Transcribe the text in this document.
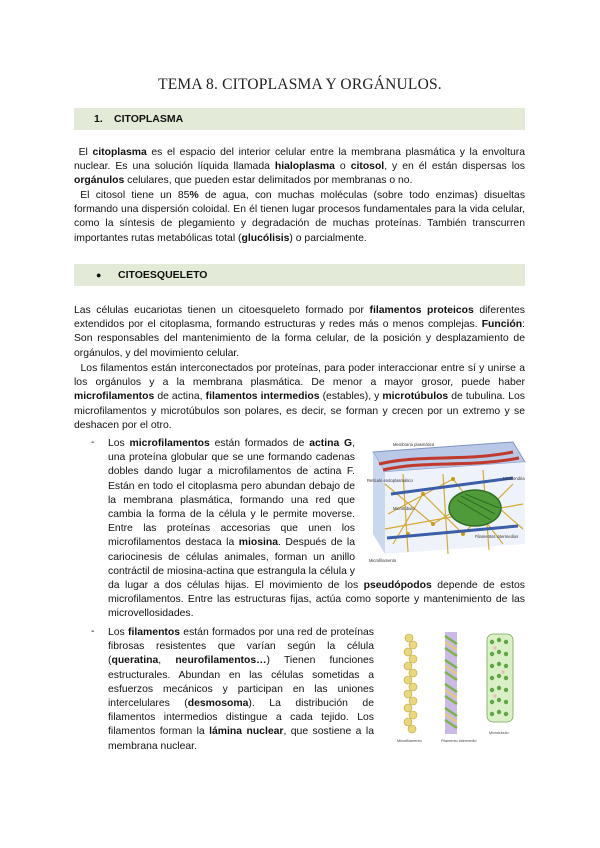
TEMA 8. CITOPLASMA Y ORGÁNULOS.
1. CITOPLASMA
El citoplasma es el espacio del interior celular entre la membrana plasmática y la envoltura nuclear. Es una solución líquida llamada hialoplasma o citosol, y en él están dispersas los orgánulos celulares, que pueden estar delimitados por membranas o no.
El citosol tiene un 85% de agua, con muchas moléculas (sobre todo enzimas) disueltas formando una dispersión coloidal. En él tienen lugar procesos fundamentales para la vida celular, como la síntesis de plegamiento y degradación de muchas proteínas. También transcurren importantes rutas metabólicas total (glucólisis) o parcialmente.
● CITOESQUELETO
Las células eucariotas tienen un citoesqueleto formado por filamentos proteicos diferentes extendidos por el citoplasma, formando estructuras y redes más o menos complejas. Función: Son responsables del mantenimiento de la forma celular, de la posición y desplazamiento de orgánulos, y del movimiento celular.
Los filamentos están interconectados por proteínas, para poder interaccionar entre sí y unirse a los orgánulos y a la membrana plasmática. De menor a mayor grosor, puede haber microfilamentos de actina, filamentos intermedios (estables), y microtúbulos de tubulina. Los microfilamentos y microtúbulos son polares, es decir, se forman y crecen por un extremo y se deshacen por el otro.
Membrana plasmática
Retículo endoplasmático	Mitocondria
Microtúbulo
Filamentos intermedios
Microfilamento
- Los microfilamentos están formados de actina G, una proteína globular que se une formando cadenas dobles dando lugar a microfilamentos de actina F. Están en todo el citoplasma pero abundan debajo de la membrana plasmática, formando una red que cambia la forma de la célula y le permite moverse. Entre las proteínas accesorias que unen los microfilamentos destaca la miosina. Después de la cariocinesis de células animales, forman un anillo contráctil de miosina-actina que estrangula la célula y da lugar a dos células hijas. El movimiento de los pseudópodos depende de estos microfilamentos. Entre las estructuras fijas, actúa como soporte y mantenimiento de las microvellosidades.
Microfilamento	Filamento intermedio
Microtúbulo
- Los filamentos están formados por una red de proteínas fibrosas resistentes que varían según la célula (queratina, neurofilamentos…) Tienen funciones estructurales. Abundan en las células sometidas a esfuerzos mecánicos y participan en las uniones intercelulares (desmosoma). La distribución de filamentos intermedios distingue a cada tejido. Los filamentos forman la lámina nuclear, que sostiene a la membrana nuclear.
